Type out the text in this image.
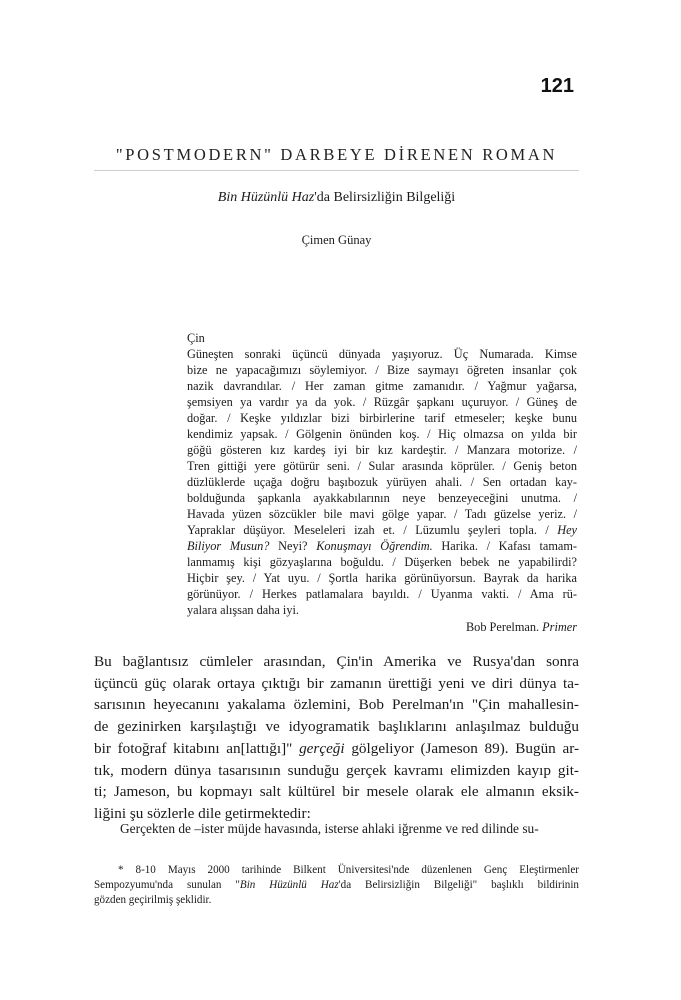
121
"POSTMODERN" DARBEYE DİRENEN ROMAN
Bin Hüzünlü Haz'da Belirsizliğin Bilgeliği
Çimen Günay
Çin
Güneşten sonraki üçüncü dünyada yaşıyoruz. Üç Numarada. Kimse
bize ne yapacağımızı söylemiyor. / Bize saymayı öğreten insanlar çok
nazik davrandılar. / Her zaman gitme zamanıdır. / Yağmur yağarsa,
şemsiyen ya vardır ya da yok. / Rüzgâr şapkanı uçuruyor. / Güneş de
doğar. / Keşke yıldızlar bizi birbirlerine tarif etmeseler; keşke bunu
kendimiz yapsak. / Gölgenin önünden koş. / Hiç olmazsa on yılda bir
göğü gösteren kız kardeş iyi bir kız kardeştir. / Manzara motorize. /
Tren gittiği yere götürür seni. / Sular arasında köprüler. / Geniş beton
düzlüklerde uçağa doğru başıbozuk yürüyen ahali. / Sen ortadan kay-
bolduğunda şapkanla ayakkabılarının neye benzeyeceğini unutma. /
Havada yüzen sözcükler bile mavi gölge yapar. / Tadı güzelse yeriz. /
Yapraklar düşüyor. Meseleleri izah et. / Lüzumlu şeyleri topla. / Hey
Biliyor Musun? Neyi? Konuşmayı Öğrendim. Harika. / Kafası tamam-
lanmamış kişi gözyaşlarına boğuldu. / Düşerken bebek ne yapabilirdi?
Hiçbir şey. / Yat uyu. / Şortla harika görünüyorsun. Bayrak da harika
görünüyor. / Herkes patlamalara bayıldı. / Uyanma vakti. / Ama rü-
yalara alışsan daha iyi.
Bob Perelman. Primer
Bu bağlantısız cümleler arasından, Çin'in Amerika ve Rusya'dan sonra
üçüncü güç olarak ortaya çıktığı bir zamanın ürettiği yeni ve diri dünya ta-
sarısının heyecanını yakalama özlemini, Bob Perelman'ın "Çin mahallesin-
de gezinirken karşılaştığı ve idyogramatik başlıklarını anlaşılmaz bulduğu
bir fotoğraf kitabını an[lattığı]" gerçeği gölgeliyor (Jameson 89). Bugün ar-
tık, modern dünya tasarısının sunduğu gerçek kavramı elimizden kayıp git-
ti; Jameson, bu kopmayı salt kültürel bir mesele olarak ele almanın eksik-
liğini şu sözlerle dile getirmektedir:
Gerçekten de –ister müjde havasında, isterse ahlaki iğrenme ve red dilinde su-
* 8-10 Mayıs 2000 tarihinde Bilkent Üniversitesi'nde düzenlenen Genç Eleştirmenler
Sempozyumu'nda sunulan "Bin Hüzünlü Haz'da Belirsizliğin Bilgeliği" başlıklı bildirinin
gözden geçirilmiş şeklidir.
